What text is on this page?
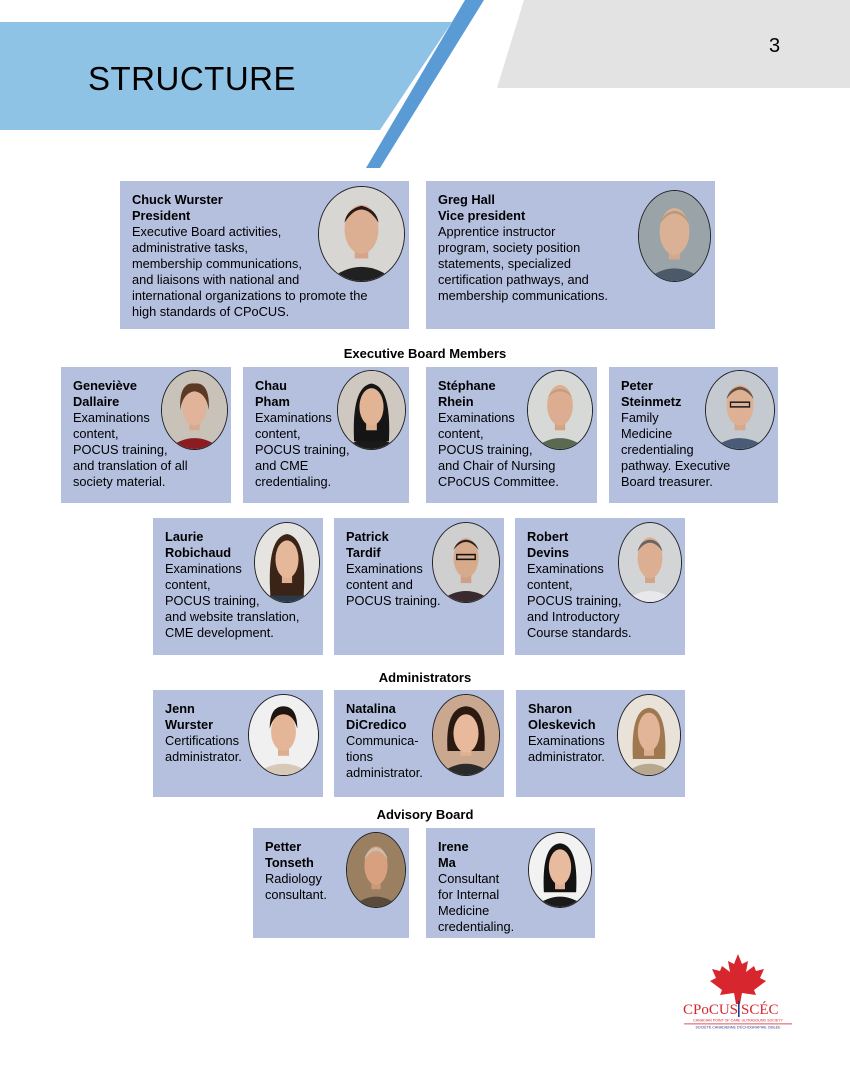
STRUCTURE
3
Chuck Wurster
President
Executive Board activities,
administrative tasks,
membership communications,
and liaisons with national and
international organizations to promote the
high standards of CPoCUS.
Greg Hall
Vice president
Apprentice instructor
program, society position
statements, specialized
certification pathways, and
membership communications.
Executive Board Members
Geneviève
Dallaire
Examinations
content,
POCUS training,
and translation of all
society material.
Chau
Pham
Examinations
content,
POCUS training,
and CME
credentialing.
Stéphane
Rhein
Examinations
content,
POCUS training,
and Chair of Nursing
CPoCUS Committee.
Peter
Steinmetz
Family
Medicine
credentialing
pathway. Executive
Board treasurer.
Laurie
Robichaud
Examinations
content,
POCUS training,
and website translation,
CME development.
Patrick
Tardif
Examinations
content and
POCUS training.
Robert
Devins
Examinations
content,
POCUS training,
and Introductory
Course standards.
Administrators
Jenn
Wurster
Certifications
administrator.
Natalina
DiCredico
Communica-
tions
administrator.
Sharon
Oleskevich
Examinations
administrator.
Advisory Board
Petter
Tonseth
Radiology
consultant.
Irene
Ma
Consultant
for Internal
Medicine
credentialing.
CPoCUS SCÉC
CANADIAN POINT OF CARE ULTRASOUND SOCIETY
SOCIÉTÉ CANADIENNE D'ÉCHOGRAPHIE CIBLÉE
